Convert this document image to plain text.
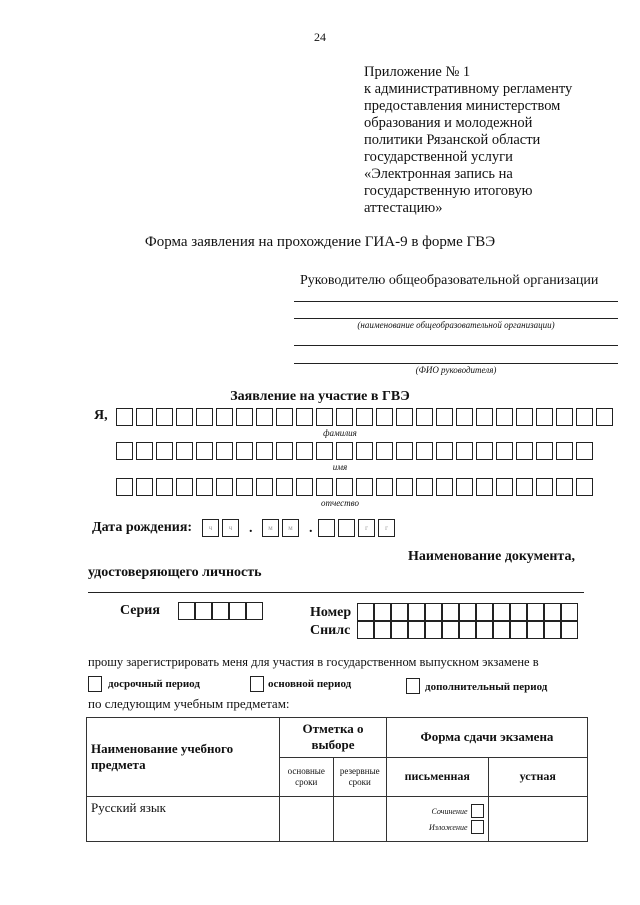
24
Приложение № 1
к административному регламенту
предоставления министерством
образования и молодежной
политики Рязанской области
государственной услуги
«Электронная запись на
государственную итоговую
аттестацию»
Форма заявления на прохождение ГИА-9 в форме ГВЭ
Руководителю общеобразовательной организации
(наименование общеобразовательной организации)
(ФИО руководителя)
Заявление на участие в ГВЭ
Я,
фамилия
имя
отчество
Дата рождения:	ч	ч	.	м	м	.	г	г
Наименование документа,
удостоверяющего личность
Серия	Номер
Снилс
прошу зарегистрировать меня для участия в государственном выпускном экзамене в
досрочный период	основной период	дополнительный период
по следующим учебным предметам:
Наименование учебного предмета	Отметка о выборе		Форма сдачи экзамена	
	основные сроки	резервные сроки	письменная	устная
Русский язык			Сочинение
Изложение	
